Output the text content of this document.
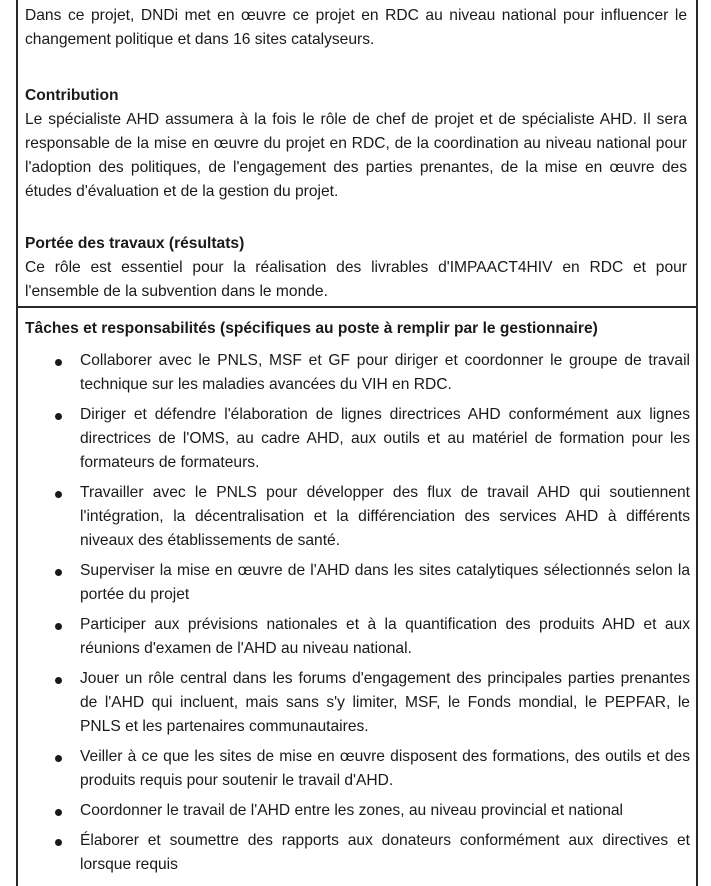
Dans ce projet, DNDi met en œuvre ce projet en RDC au niveau national pour influencer le changement politique et dans 16 sites catalyseurs.

Contribution

Le spécialiste AHD assumera à la fois le rôle de chef de projet et de spécialiste AHD. Il sera responsable de la mise en œuvre du projet en RDC, de la coordination au niveau national pour l'adoption des politiques, de l'engagement des parties prenantes, de la mise en œuvre des études d'évaluation et de la gestion du projet.

Portée des travaux (résultats)

Ce rôle est essentiel pour la réalisation des livrables d'IMPAACT4HIV en RDC et pour l'ensemble de la subvention dans le monde.

Tâches et responsabilités (spécifiques au poste à remplir par le gestionnaire)

Collaborer avec le PNLS, MSF et GF pour diriger et coordonner le groupe de travail technique sur les maladies avancées du VIH en RDC.
Diriger et défendre l'élaboration de lignes directrices AHD conformément aux lignes directrices de l'OMS, au cadre AHD, aux outils et au matériel de formation pour les formateurs de formateurs.
Travailler avec le PNLS pour développer des flux de travail AHD qui soutiennent l'intégration, la décentralisation et la différenciation des services AHD à différents niveaux des établissements de santé.
Superviser la mise en œuvre de l'AHD dans les sites catalytiques sélectionnés selon la portée du projet
Participer aux prévisions nationales et à la quantification des produits AHD et aux réunions d'examen de l'AHD au niveau national.
Jouer un rôle central dans les forums d'engagement des principales parties prenantes de l'AHD qui incluent, mais sans s'y limiter, MSF, le Fonds mondial, le PEPFAR, le PNLS et les partenaires communautaires.
Veiller à ce que les sites de mise en œuvre disposent des formations, des outils et des produits requis pour soutenir le travail d'AHD.
Coordonner le travail de l'AHD entre les zones, au niveau provincial et national
Élaborer et soumettre des rapports aux donateurs conformément aux directives et lorsque requis
